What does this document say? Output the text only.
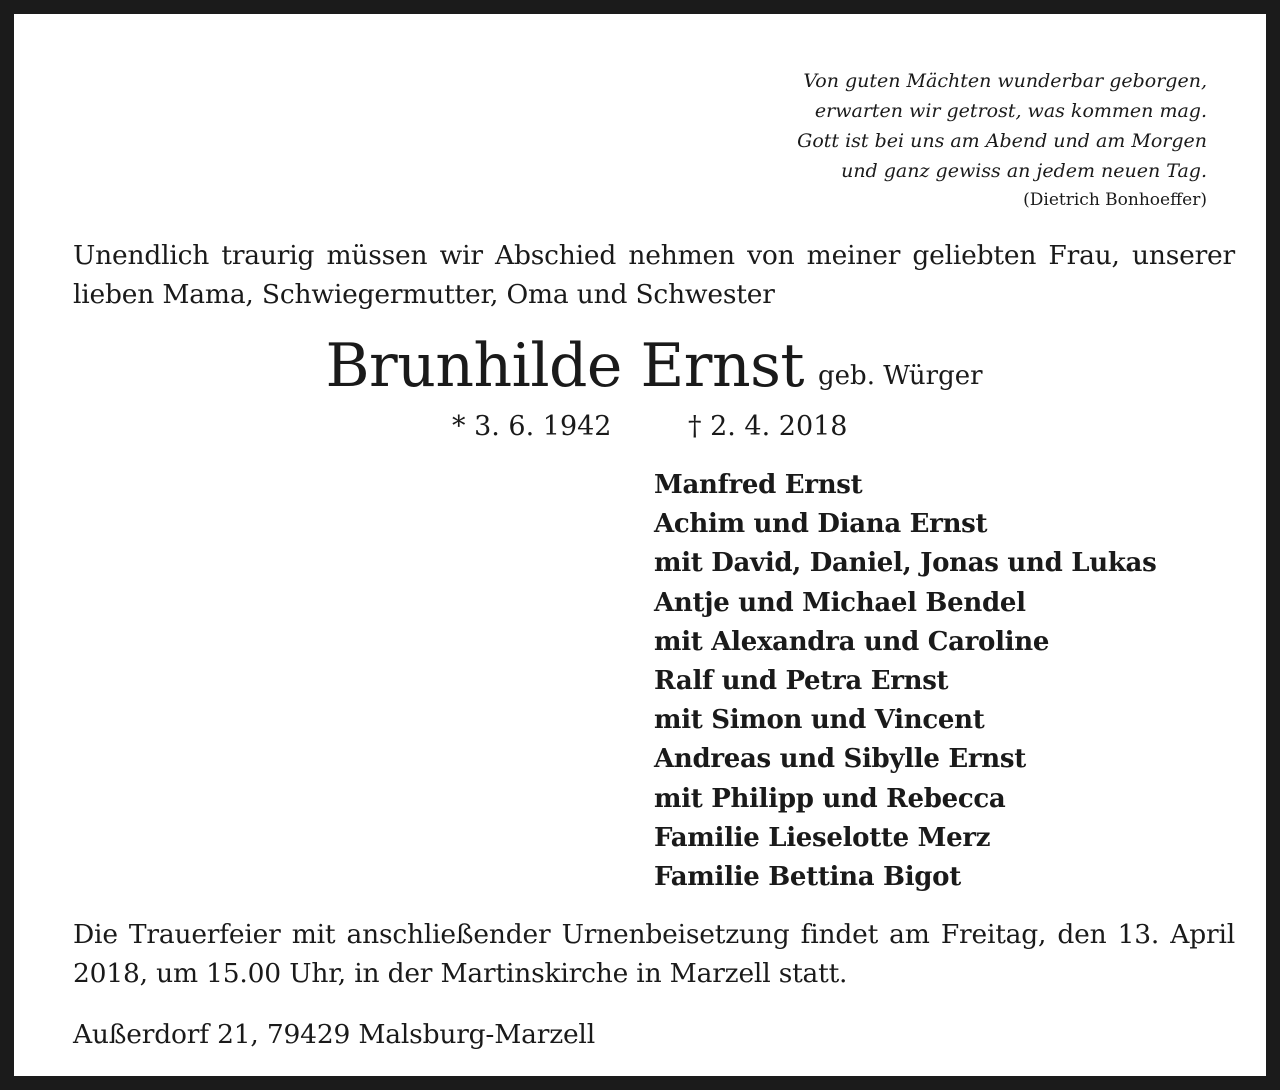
Von guten Mächten wunderbar geborgen,
erwarten wir getrost, was kommen mag.
Gott ist bei uns am Abend und am Morgen
und ganz gewiss an jedem neuen Tag.
(Dietrich Bonhoeffer)
Unendlich traurig müssen wir Abschied nehmen von meiner geliebten Frau, unserer lieben Mama, Schwiegermutter, Oma und Schwester
Brunhilde Ernst geb. Würger
* 3. 6. 1942	† 2. 4. 2018
Manfred Ernst
Achim und Diana Ernst
mit David, Daniel, Jonas und Lukas
Antje und Michael Bendel
mit Alexandra und Caroline
Ralf und Petra Ernst
mit Simon und Vincent
Andreas und Sibylle Ernst
mit Philipp und Rebecca
Familie Lieselotte Merz
Familie Bettina Bigot
Die Trauerfeier mit anschließender Urnenbeisetzung findet am Freitag, den 13. April 2018, um 15.00 Uhr, in der Martinskirche in Marzell statt.
Außerdorf 21, 79429 Malsburg-Marzell
